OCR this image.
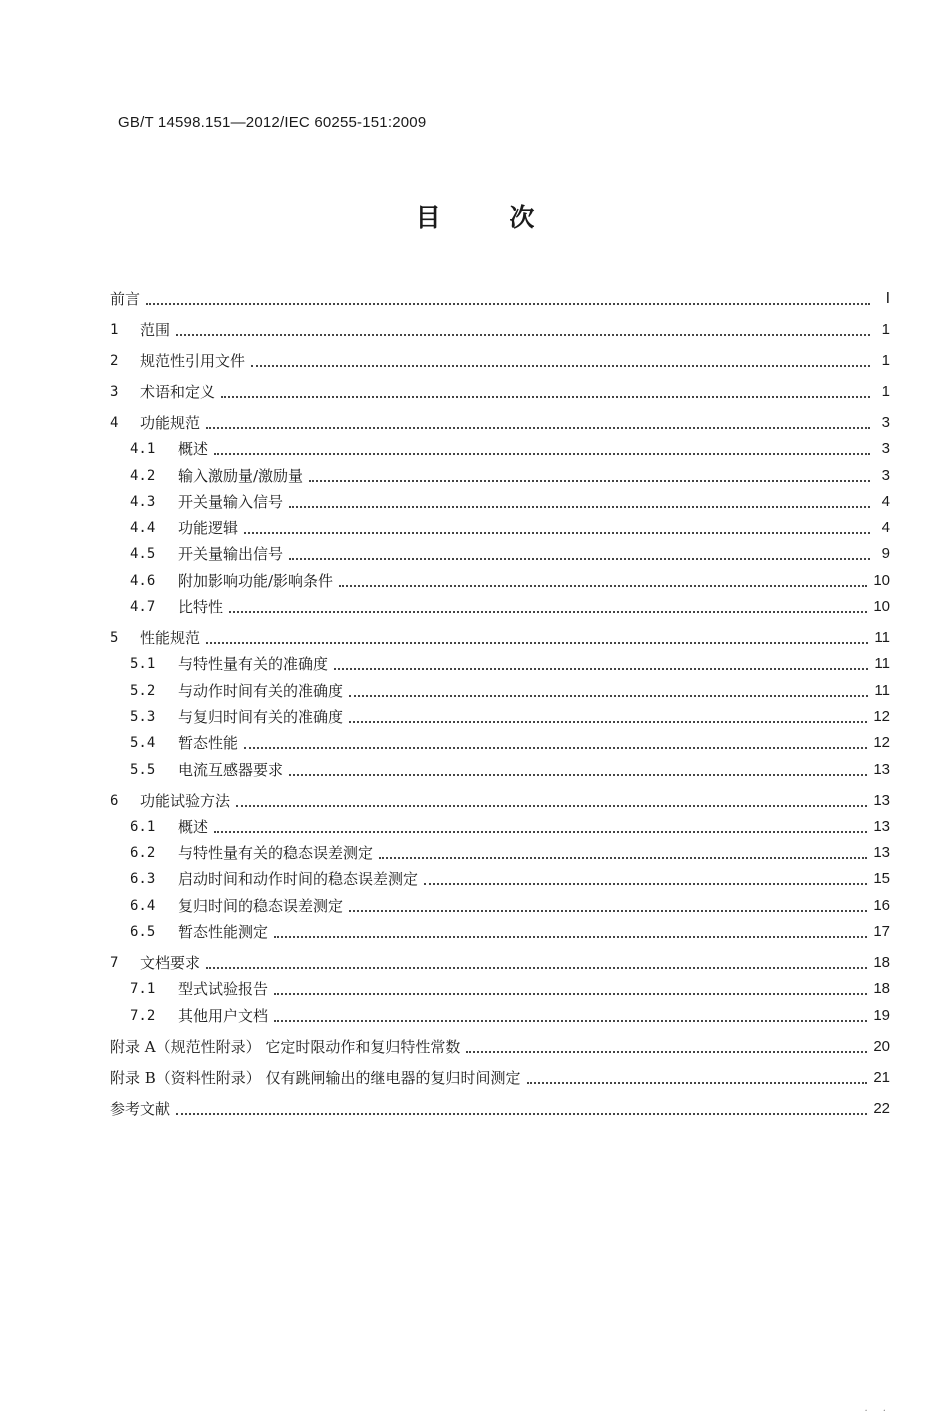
GB/T 14598.151—2012/IEC 60255-151:2009
目 次
前言	Ⅰ
1	范围	1
2	规范性引用文件	1
3	术语和定义	1
4	功能规范	3
4.1	概述	3
4.2	输入激励量/激励量	3
4.3	开关量输入信号	4
4.4	功能逻辑	4
4.5	开关量输出信号	9
4.6	附加影响功能/影响条件	10
4.7	比特性	10
5	性能规范	11
5.1	与特性量有关的准确度	11
5.2	与动作时间有关的准确度	11
5.3	与复归时间有关的准确度	12
5.4	暂态性能	12
5.5	电流互感器要求	13
6	功能试验方法	13
6.1	概述	13
6.2	与特性量有关的稳态误差测定	13
6.3	启动时间和动作时间的稳态误差测定	15
6.4	复归时间的稳态误差测定	16
6.5	暂态性能测定	17
7	文档要求	18
7.1	型式试验报告	18
7.2	其他用户文档	19
附录 A（规范性附录） 它定时限动作和复归特性常数	20
附录 B（资料性附录） 仅有跳闸输出的继电器的复归时间测定	21
参考文献	22
· ·
